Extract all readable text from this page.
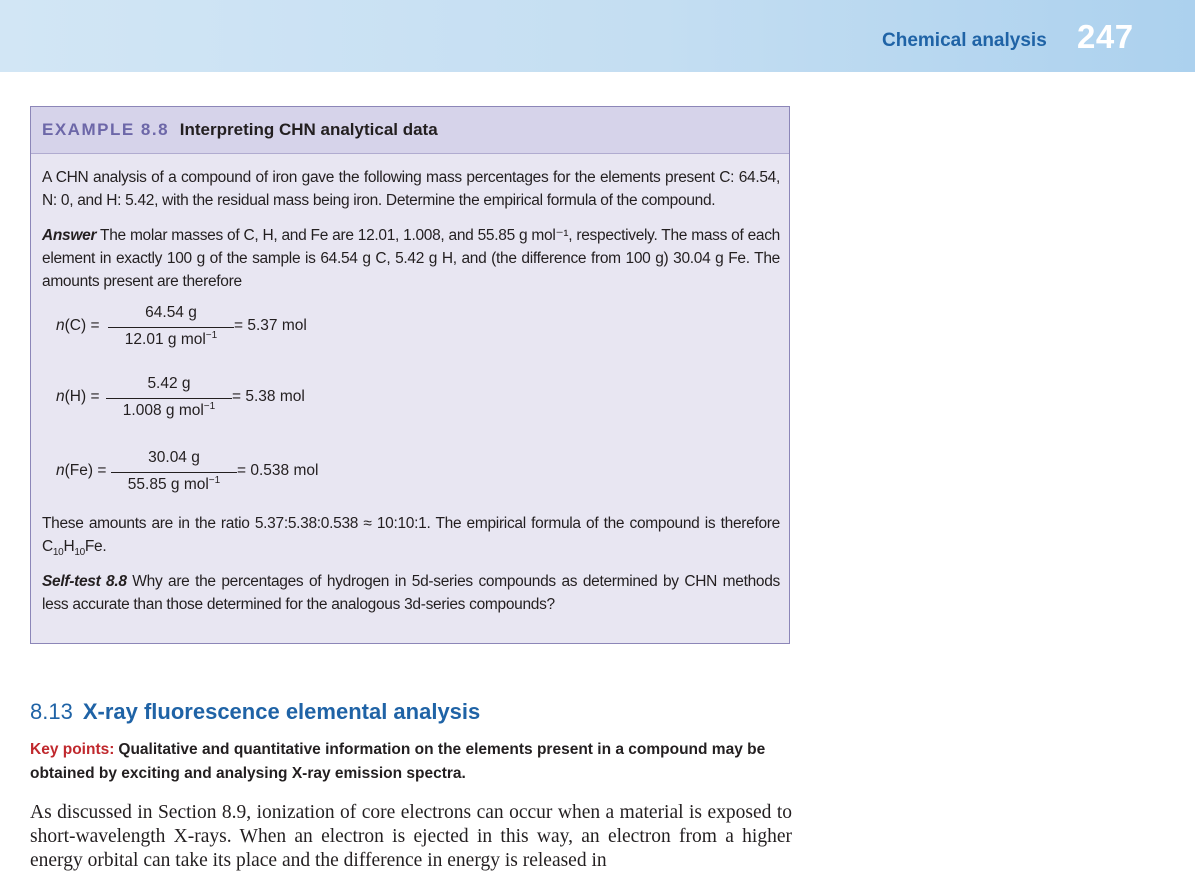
Chemical analysis 247
EXAMPLE 8.8 Interpreting CHN analytical data
A CHN analysis of a compound of iron gave the following mass percentages for the elements present C: 64.54, N: 0, and H: 5.42, with the residual mass being iron. Determine the empirical formula of the compound.
Answer The molar masses of C, H, and Fe are 12.01, 1.008, and 55.85 g mol⁻¹, respectively. The mass of each element in exactly 100 g of the sample is 64.54 g C, 5.42 g H, and (the difference from 100 g) 30.04 g Fe. The amounts present are therefore
n(C) =
64.54 g
12.01 g mol$^{-1}$
= 5.37 mol
n(H) =
5.42 g
1.008 g mol$^{-1}$
= 5.38 mol
n(Fe) =
30.04 g
55.85 g mol$^{-1}$
= 0.538 mol
These amounts are in the ratio 5.37:5.38:0.538 ≈ 10:10:1. The empirical formula of the compound is therefore $C_{10}H_{10}Fe$.
Self-test 8.8 Why are the percentages of hydrogen in 5d-series compounds as determined by CHN methods less accurate than those determined for the analogous 3d-series compounds?
8.13 X-ray fluorescence elemental analysis
Key points: Qualitative and quantitative information on the elements present in a compound may be obtained by exciting and analysing X-ray emission spectra.
As discussed in Section 8.9, ionization of core electrons can occur when a material is exposed to short-wavelength X-rays. When an electron is ejected in this way, an electron from a higher energy orbital can take its place and the difference in energy is released in
